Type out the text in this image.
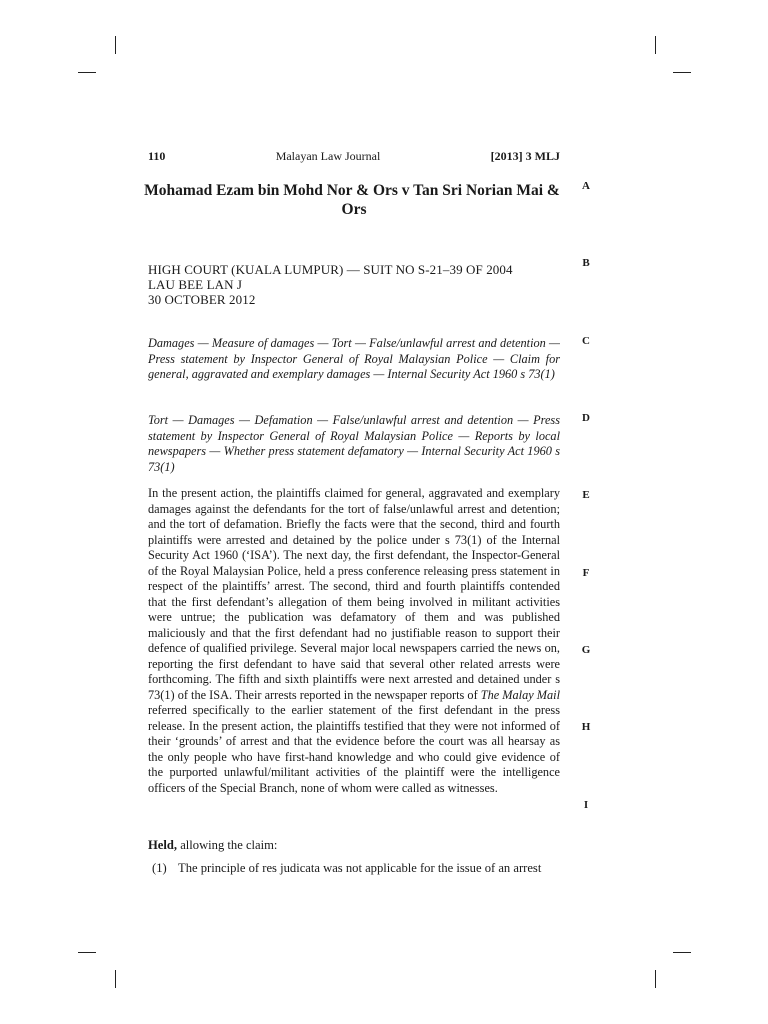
110	Malayan Law Journal	[2013] 3 MLJ
Mohamad Ezam bin Mohd Nor & Ors v Tan Sri Norian Mai & Ors
HIGH COURT (KUALA LUMPUR) — SUIT NO S-21–39 OF 2004
LAU BEE LAN J
30 OCTOBER 2012
Damages — Measure of damages — Tort — False/unlawful arrest and detention — Press statement by Inspector General of Royal Malaysian Police — Claim for general, aggravated and exemplary damages — Internal Security Act 1960 s 73(1)
Tort — Damages — Defamation — False/unlawful arrest and detention — Press statement by Inspector General of Royal Malaysian Police — Reports by local newspapers — Whether press statement defamatory — Internal Security Act 1960 s 73(1)
In the present action, the plaintiffs claimed for general, aggravated and exemplary damages against the defendants for the tort of false/unlawful arrest and detention; and the tort of defamation. Briefly the facts were that the second, third and fourth plaintiffs were arrested and detained by the police under s 73(1) of the Internal Security Act 1960 (‘ISA’). The next day, the first defendant, the Inspector-General of the Royal Malaysian Police, held a press conference releasing press statement in respect of the plaintiffs’ arrest. The second, third and fourth plaintiffs contended that the first defendant’s allegation of them being involved in militant activities were untrue; the publication was defamatory of them and was published maliciously and that the first defendant had no justifiable reason to support their defence of qualified privilege. Several major local newspapers carried the news on, reporting the first defendant to have said that several other related arrests were forthcoming. The fifth and sixth plaintiffs were next arrested and detained under s 73(1) of the ISA. Their arrests reported in the newspaper reports of The Malay Mail referred specifically to the earlier statement of the first defendant in the press release. In the present action, the plaintiffs testified that they were not informed of their ‘grounds’ of arrest and that the evidence before the court was all hearsay as the only people who have first-hand knowledge and who could give evidence of the purported unlawful/militant activities of the plaintiff were the intelligence officers of the Special Branch, none of whom were called as witnesses.
Held, allowing the claim:
(1) The principle of res judicata was not applicable for the issue of an arrest
A
B
C
D
E
F
G
H
I
